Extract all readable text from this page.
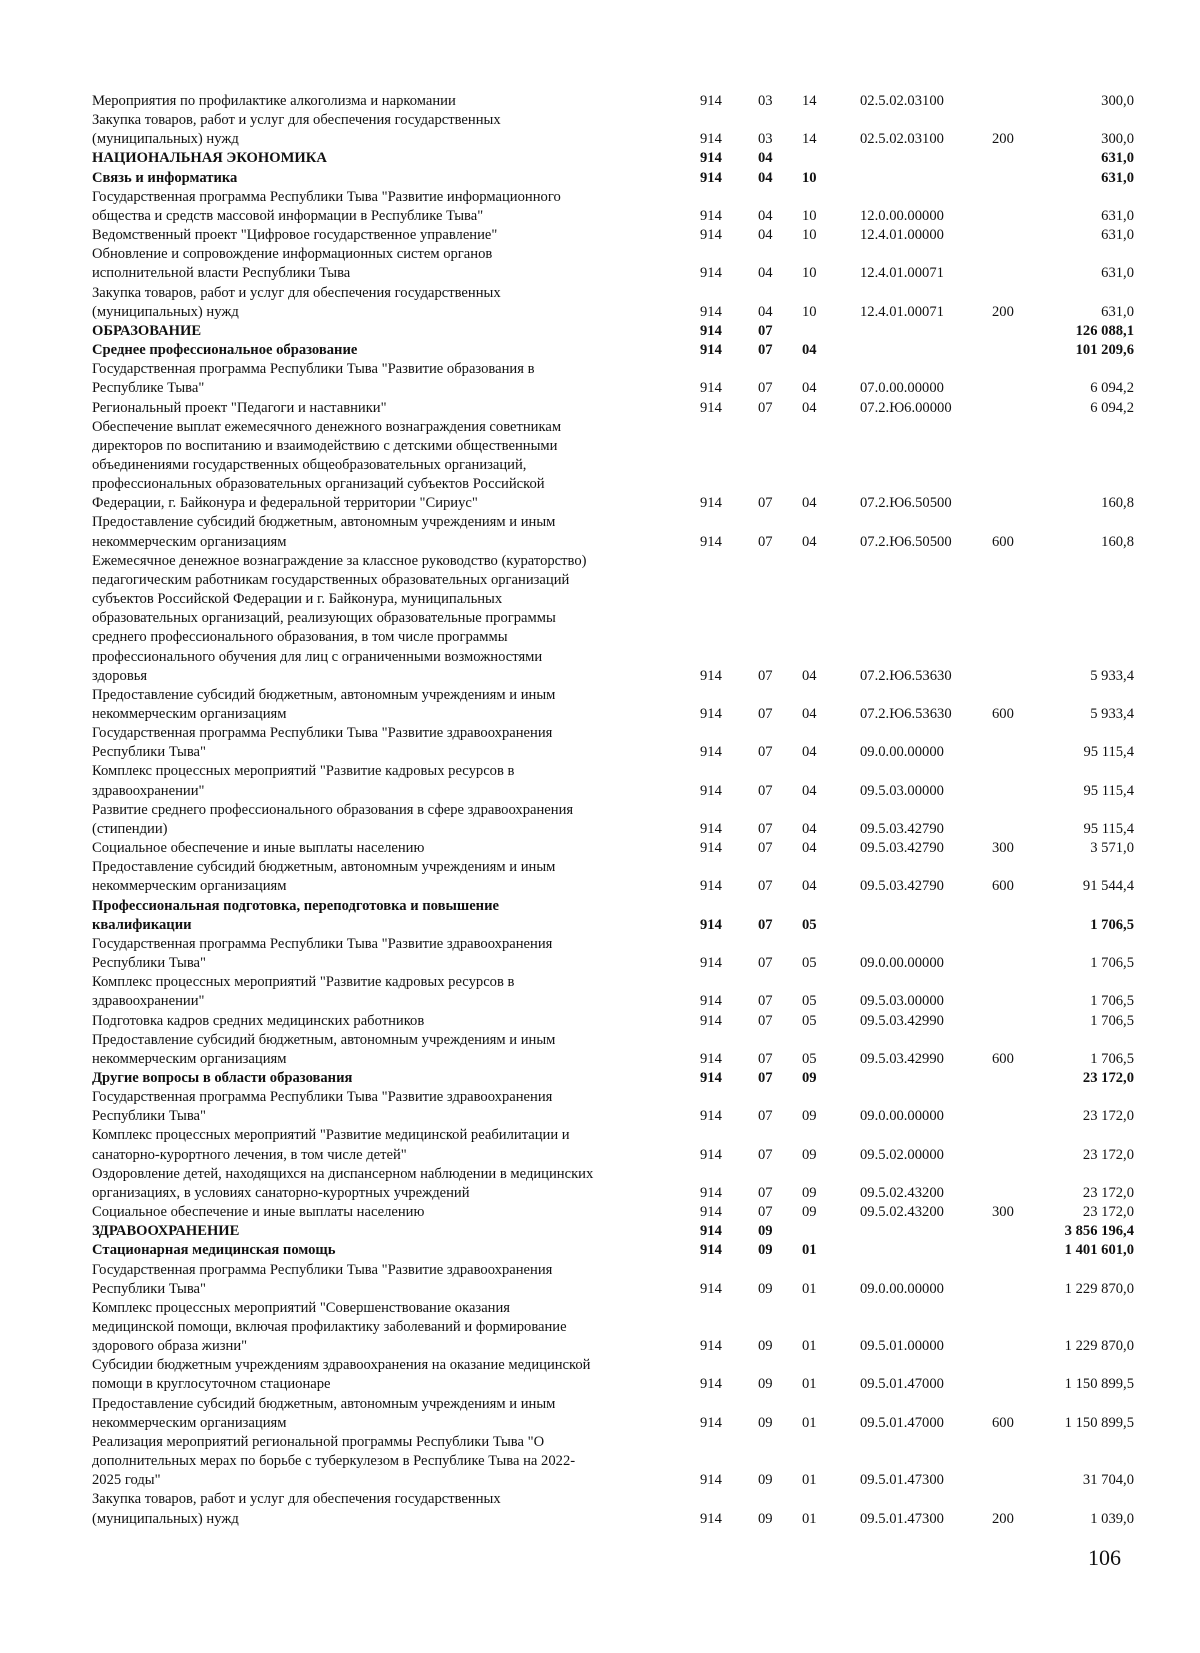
Мероприятия по профилактике алкоголизма и наркомании	914 03 14	02.5.02.03100	300,0
Закупка товаров, работ и услуг для обеспечения государственных
(муниципальных) нужд	914 03 14	02.5.02.03100	200	300,0
НАЦИОНАЛЬНАЯ ЭКОНОМИКА	914 04	631,0
Связь и информатика	914 04 10	631,0
Государственная программа Республики Тыва "Развитие информационного
общества и средств массовой информации в Республике Тыва"	914 04 10	12.0.00.00000	631,0
Ведомственный проект "Цифровое государственное управление"	914 04 10	12.4.01.00000	631,0
Обновление и сопровождение информационных систем органов
исполнительной власти Республики Тыва	914 04 10	12.4.01.00071	631,0
Закупка товаров, работ и услуг для обеспечения государственных
(муниципальных) нужд	914 04 10	12.4.01.00071	200	631,0
ОБРАЗОВАНИЕ	914 07	126 088,1
Среднее профессиональное образование	914 07 04	101 209,6
Государственная программа Республики Тыва "Развитие образования в
Республике Тыва"	914 07 04	07.0.00.00000	6 094,2
Региональный проект "Педагоги и наставники"	914 07 04	07.2.Ю6.00000	6 094,2
Обеспечение выплат ежемесячного денежного вознаграждения советникам
директоров по воспитанию и взаимодействию с детскими общественными
объединениями государственных общеобразовательных организаций,
профессиональных образовательных организаций субъектов Российской
Федерации, г. Байконура и федеральной территории "Сириус"	914 07 04	07.2.Ю6.50500	160,8
Предоставление субсидий бюджетным, автономным учреждениям и иным
некоммерческим организациям	914 07 04	07.2.Ю6.50500	600	160,8
Ежемесячное денежное вознаграждение за классное руководство (кураторство)
педагогическим работникам государственных образовательных организаций
субъектов Российской Федерации и г. Байконура, муниципальных
образовательных организаций, реализующих образовательные программы
среднего профессионального образования, в том числе программы
профессионального обучения для лиц с ограниченными возможностями
здоровья	914 07 04	07.2.Ю6.53630	5 933,4
Предоставление субсидий бюджетным, автономным учреждениям и иным
некоммерческим организациям	914 07 04	07.2.Ю6.53630	600	5 933,4
Государственная программа Республики Тыва "Развитие здравоохранения
Республики Тыва"	914 07 04	09.0.00.00000	95 115,4
Комплекс процессных мероприятий "Развитие кадровых ресурсов в
здравоохранении"	914 07 04	09.5.03.00000	95 115,4
Развитие среднего профессионального образования в сфере здравоохранения
(стипендии)	914 07 04	09.5.03.42790	95 115,4
Социальное обеспечение и иные выплаты населению	914 07 04	09.5.03.42790	300	3 571,0
Предоставление субсидий бюджетным, автономным учреждениям и иным
некоммерческим организациям	914 07 04	09.5.03.42790	600	91 544,4
Профессиональная подготовка, переподготовка и повышение
квалификации	914 07 05	1 706,5
Государственная программа Республики Тыва "Развитие здравоохранения
Республики Тыва"	914 07 05	09.0.00.00000	1 706,5
Комплекс процессных мероприятий "Развитие кадровых ресурсов в
здравоохранении"	914 07 05	09.5.03.00000	1 706,5
Подготовка кадров средних медицинских работников	914 07 05	09.5.03.42990	1 706,5
Предоставление субсидий бюджетным, автономным учреждениям и иным
некоммерческим организациям	914 07 05	09.5.03.42990	600	1 706,5
Другие вопросы в области образования	914 07 09	23 172,0
Государственная программа Республики Тыва "Развитие здравоохранения
Республики Тыва"	914 07 09	09.0.00.00000	23 172,0
Комплекс процессных мероприятий "Развитие медицинской реабилитации и
санаторно-курортного лечения, в том числе детей"	914 07 09	09.5.02.00000	23 172,0
Оздоровление детей, находящихся на диспансерном наблюдении в медицинских
организациях, в условиях санаторно-курортных учреждений	914 07 09	09.5.02.43200	23 172,0
Социальное обеспечение и иные выплаты населению	914 07 09	09.5.02.43200	300	23 172,0
ЗДРАВООХРАНЕНИЕ	914 09	3 856 196,4
Стационарная медицинская помощь	914 09 01	1 401 601,0
Государственная программа Республики Тыва "Развитие здравоохранения
Республики Тыва"	914 09 01	09.0.00.00000	1 229 870,0
Комплекс процессных мероприятий "Совершенствование оказания
медицинской помощи, включая профилактику заболеваний и формирование
здорового образа жизни"	914 09 01	09.5.01.00000	1 229 870,0
Субсидии бюджетным учреждениям здравоохранения на оказание медицинской
помощи в круглосуточном стационаре	914 09 01	09.5.01.47000	1 150 899,5
Предоставление субсидий бюджетным, автономным учреждениям и иным
некоммерческим организациям	914 09 01	09.5.01.47000	600	1 150 899,5
Реализация мероприятий региональной программы Республики Тыва "О
дополнительных мерах по борьбе с туберкулезом в Республике Тыва на 2022-
2025 годы"	914 09 01	09.5.01.47300	31 704,0
Закупка товаров, работ и услуг для обеспечения государственных
(муниципальных) нужд	914 09 01	09.5.01.47300	200	1 039,0
106
